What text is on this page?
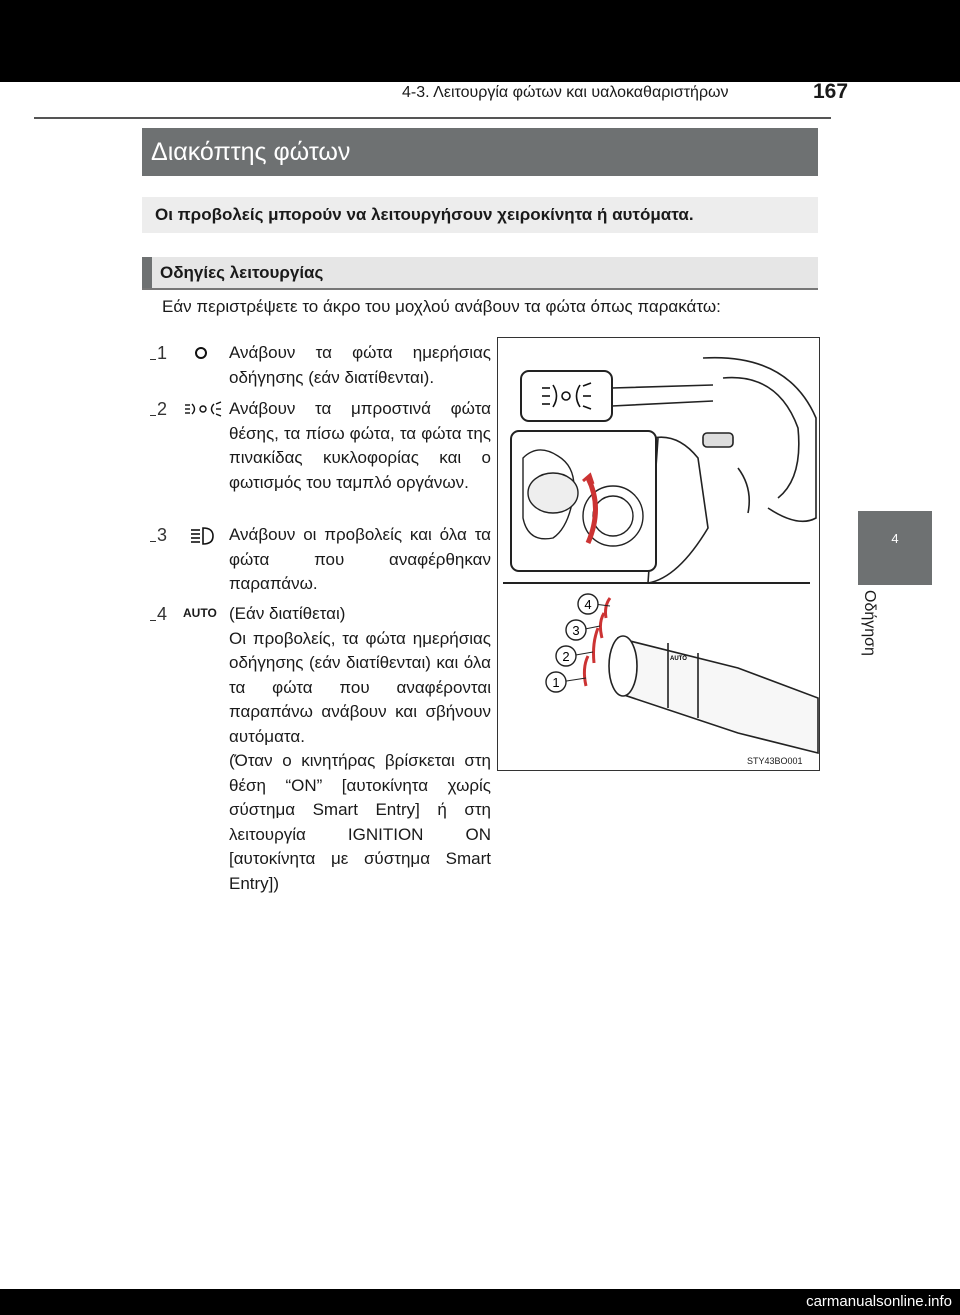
4-3. Λειτουργία φώτων και υαλοκαθαριστήρων	167
Διακόπτης φώτων
Οι προβολείς μπορούν να λειτουργήσουν χειροκίνητα ή αυτόματα.
Οδηγίες λειτουργίας
Εάν περιστρέψετε το άκρο του μοχλού ανάβουν τα φώτα όπως παρακάτω:
1	Ανάβουν τα φώτα ημερήσιας οδήγησης (εάν διατίθενται).
2	Ανάβουν τα μπροστινά φώτα θέσης, τα πίσω φώτα, τα φώτα της πινακίδας κυκλοφορίας και ο φωτισμός του ταμπλό οργάνων.
3	Ανάβουν οι προβολείς και όλα τα φώτα που αναφέρθηκαν παραπάνω.
4	AUTO (Εάν διατίθεται)

Οι προβολείς, τα φώτα ημερήσιας οδήγησης (εάν διατίθενται) και όλα τα φώτα που αναφέρονται παραπάνω ανάβουν και σβήνουν αυτόματα.

(Όταν ο κινητήρας βρίσκεται στη θέση “ON” [αυτοκίνητα χωρίς σύστημα Smart Entry] ή στη λειτουργία IGNITION ON [αυτοκίνητα με σύστημα Smart Entry])

AUTO
1
2
3
4
STY43BO001
4
Οδήγηση
carmanualsonline.info
